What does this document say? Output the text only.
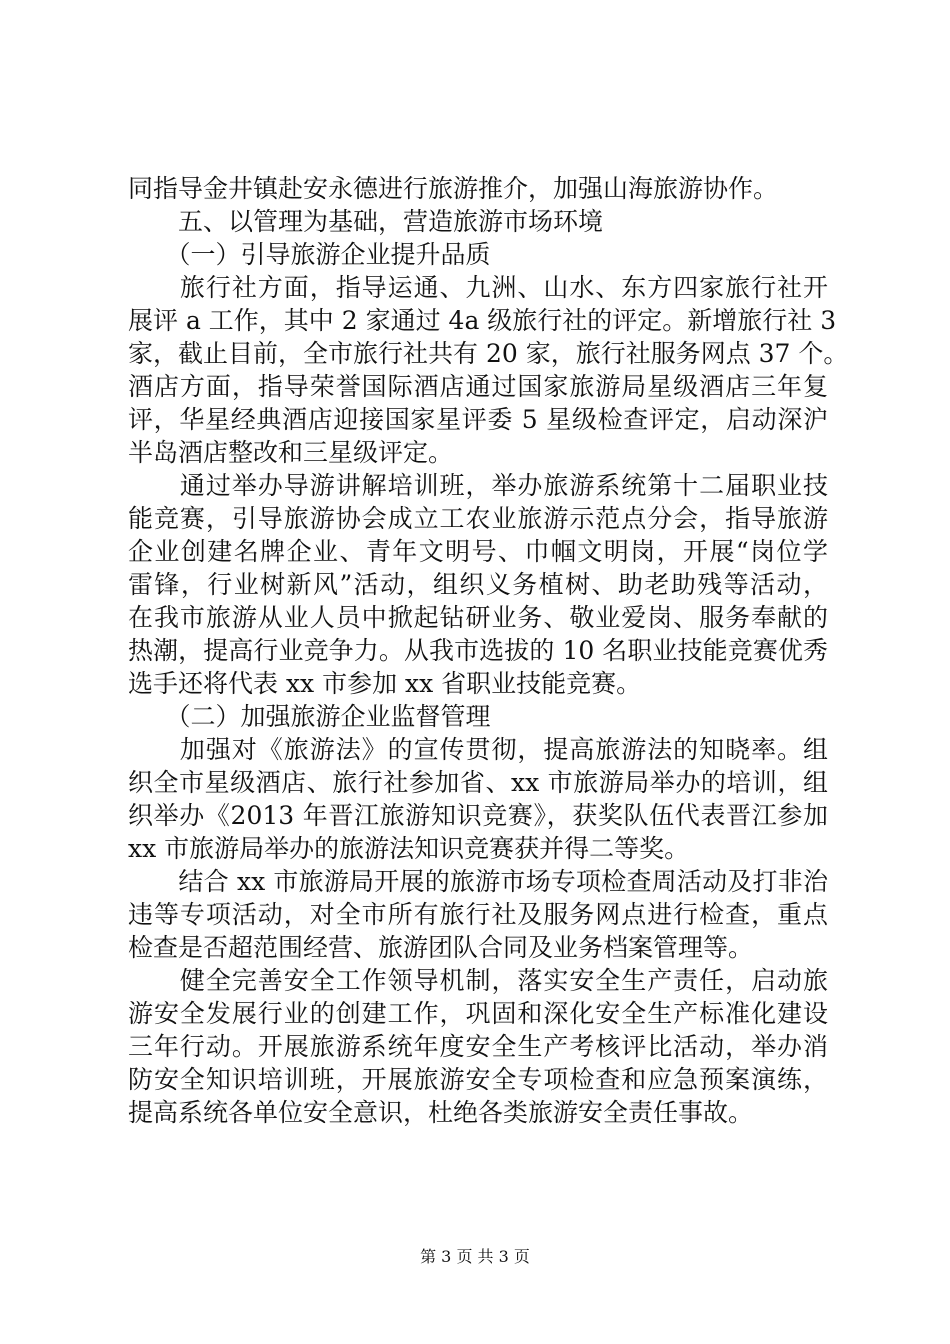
同指导金井镇赴安永德进行旅游推介，加强山海旅游协作。
　　五、以管理为基础，营造旅游市场环境
　　（一）引导旅游企业提升品质
　　旅行社方面，指导运通、九洲、山水、东方四家旅行社开
展评 a 工作，其中 2 家通过 4a 级旅行社的评定。新增旅行社 3
家，截止目前，全市旅行社共有 20 家，旅行社服务网点 37 个。
酒店方面，指导荣誉国际酒店通过国家旅游局星级酒店三年复
评，华星经典酒店迎接国家星评委 5 星级检查评定，启动深沪
半岛酒店整改和三星级评定。
　　通过举办导游讲解培训班，举办旅游系统第十二届职业技
能竞赛，引导旅游协会成立工农业旅游示范点分会，指导旅游
企业创建名牌企业、青年文明号、巾帼文明岗，开展“岗位学
雷锋，行业树新风”活动，组织义务植树、助老助残等活动，
在我市旅游从业人员中掀起钻研业务、敬业爱岗、服务奉献的
热潮，提高行业竞争力。从我市选拔的 10 名职业技能竞赛优秀
选手还将代表 xx 市参加 xx 省职业技能竞赛。
　　（二）加强旅游企业监督管理
　　加强对《旅游法》的宣传贯彻，提高旅游法的知晓率。组
织全市星级酒店、旅行社参加省、xx 市旅游局举办的培训，组
织举办《2013 年晋江旅游知识竞赛》，获奖队伍代表晋江参加
xx 市旅游局举办的旅游法知识竞赛获并得二等奖。
　　结合 xx 市旅游局开展的旅游市场专项检查周活动及打非治
违等专项活动，对全市所有旅行社及服务网点进行检查，重点
检查是否超范围经营、旅游团队合同及业务档案管理等。
　　健全完善安全工作领导机制，落实安全生产责任，启动旅
游安全发展行业的创建工作，巩固和深化安全生产标准化建设
三年行动。开展旅游系统年度安全生产考核评比活动，举办消
防安全知识培训班，开展旅游安全专项检查和应急预案演练，
提高系统各单位安全意识，杜绝各类旅游安全责任事故。
第 3 页 共 3 页
